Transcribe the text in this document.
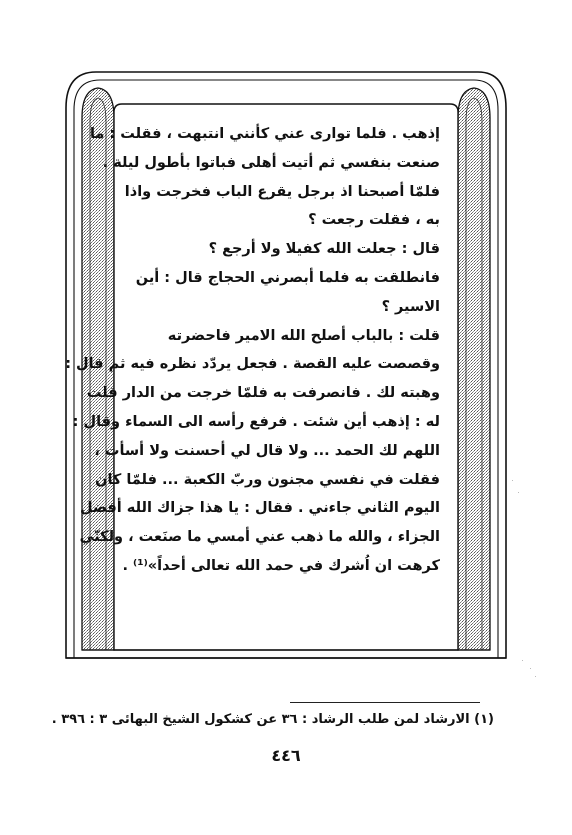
إذهب . فلما توارى عني كأنني انتبهت ، فقلت : ما
صنعت بنفسي ثم أتيت أهلى فباتوا بأطول ليلة .
فلمّا أصبحنا اذ برجل يقرع الباب فخرجت واذا
به ، فقلت رجعت ؟
قال : جعلت الله كفيلا ولا أرجع ؟
فانطلقت به فلما أبصرني الحجاج قال : أين
الاسير ؟
قلت : بالباب أصلح الله الامير فاحضرته
وقصصت عليه القصة . فجعل يردّد نظره فيه ثم قال :
وهبته لك . فانصرفت به فلمّا خرجت من الدار قلت
له : إذهب أين شئت . فرفع رأسه الى السماء وقال :
اللهم لك الحمد ... ولا قال لي أحسنت ولا أسأت ،
فقلت في نفسي مجنون وربّ الكعبة ... فلمّا كان
اليوم الثاني جاءني . فقال : يا هذا جزاك الله أفضل
الجزاء ، والله ما ذهب عني أمسي ما صنَعت ، ولكنّي
كرهت ان اُشرك في حمد الله تعالى أحداً»⁽¹⁾ .
(١) الارشاد لمن طلب الرشاد : ٣٦ عن كشكول الشيخ البهائى ٣ : ٣٩٦ .
٤٤٦
